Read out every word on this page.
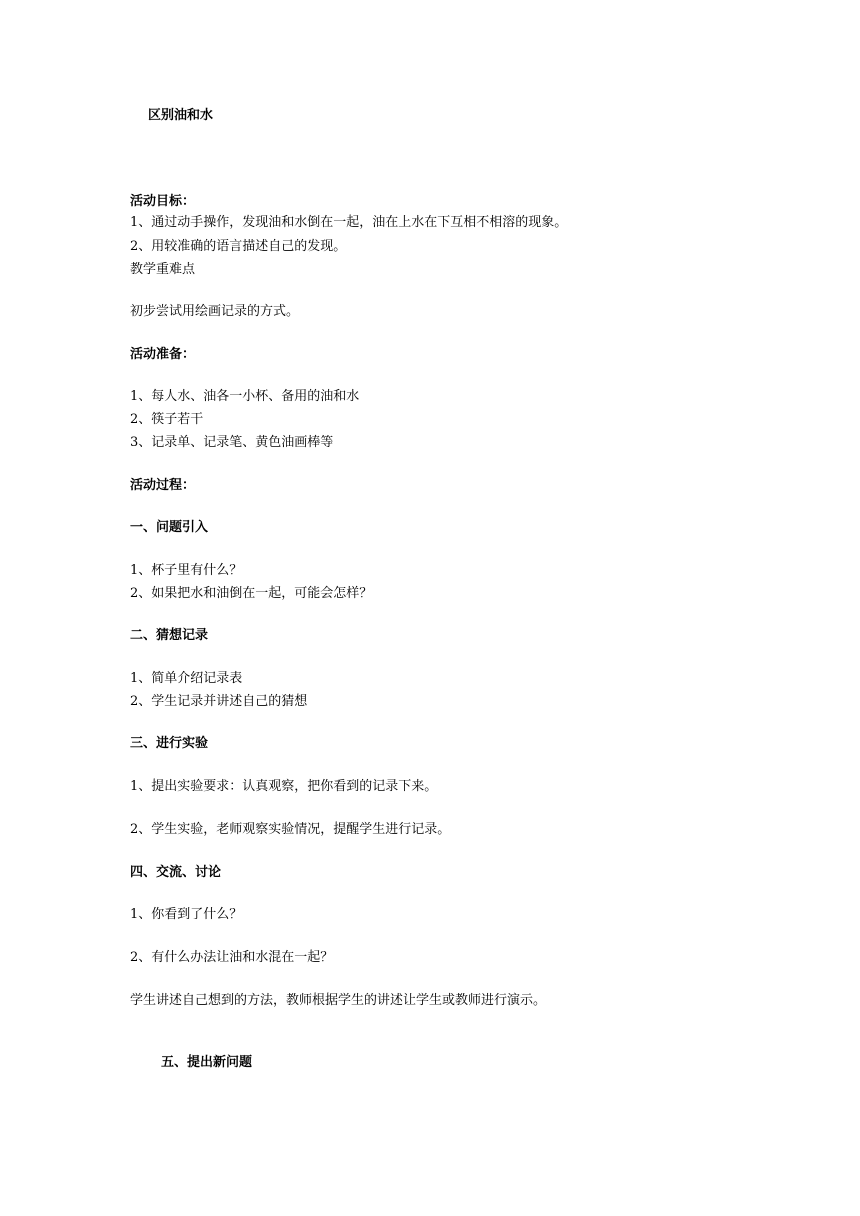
区别油和水

活动目标：

1、通过动手操作，发现油和水倒在一起，油在上水在下互相不相溶的现象。

2、用较准确的语言描述自己的发现。

教学重难点

初步尝试用绘画记录的方式。

活动准备：

1、每人水、油各一小杯、备用的油和水

2、筷子若干

3、记录单、记录笔、黄色油画棒等

活动过程：

一、问题引入

1、杯子里有什么？

2、如果把水和油倒在一起，可能会怎样？

二、猜想记录

1、简单介绍记录表

2、学生记录并讲述自己的猜想

三、进行实验

1、提出实验要求：认真观察，把你看到的记录下来。

2、学生实验，老师观察实验情况，提醒学生进行记录。

四、交流、讨论

1、你看到了什么？

2、有什么办法让油和水混在一起？

学生讲述自己想到的方法，教师根据学生的讲述让学生或教师进行演示。

五、提出新问题
